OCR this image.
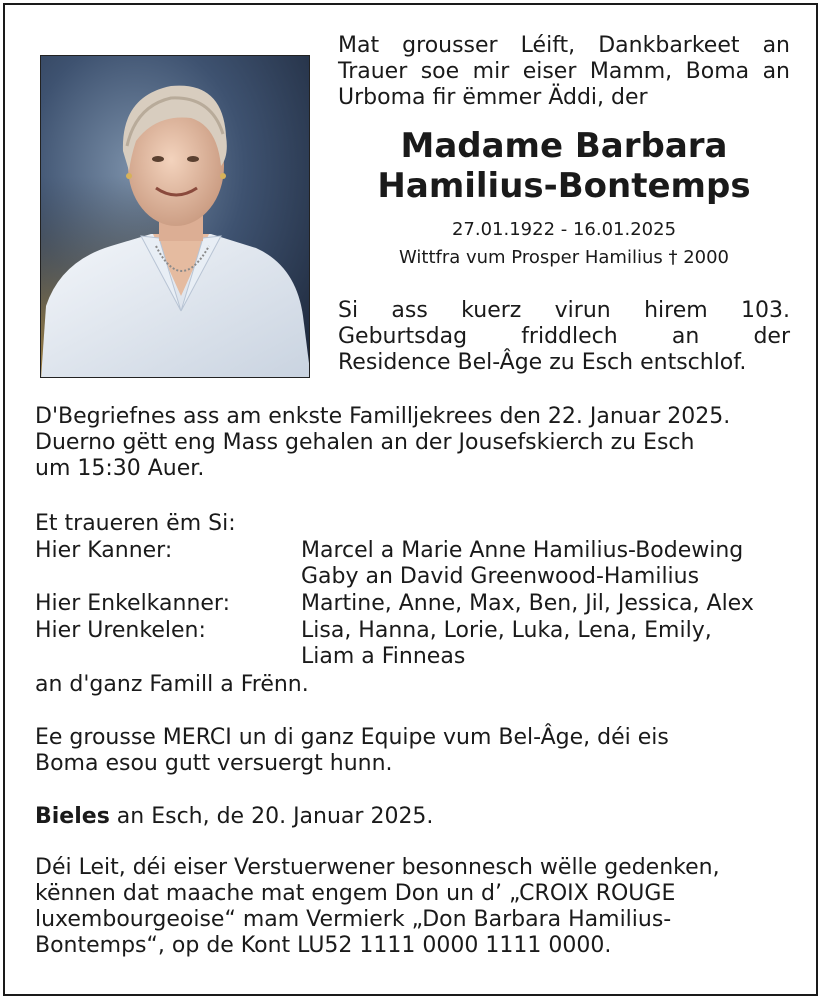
Mat grousser Léift, Dankbarkeet an
Trauer soe mir eiser Mamm, Boma an
Urboma fir ëmmer Äddi, der
Madame Barbara
Hamilius-Bontemps
27.01.1922 - 16.01.2025
Wittfra vum Prosper Hamilius † 2000
Si ass kuerz virun hirem 103.
Geburtsdag friddlech an der
Residence Bel-Âge zu Esch entschlof.
D'Begriefnes ass am enkste Familljekrees den 22. Januar 2025.
Duerno gëtt eng Mass gehalen an der Jousefskierch zu Esch
um 15:30 Auer.
Et traueren ëm Si:
Hier Kanner:	Marcel a Marie Anne Hamilius-Bodewing
Gaby an David Greenwood-Hamilius
Hier Enkelkanner:	Martine, Anne, Max, Ben, Jil, Jessica, Alex
Hier Urenkelen:	Lisa, Hanna, Lorie, Luka, Lena, Emily,
Liam a Finneas
an d'ganz Famill a Frënn.
Ee grousse MERCI un di ganz Equipe vum Bel-Âge, déi eis
Boma esou gutt versuergt hunn.
Bieles an Esch, de 20. Januar 2025.
Déi Leit, déi eiser Verstuerwener besonnesch wëlle gedenken,
kënnen dat maache mat engem Don un d’ „CROIX ROUGE
luxembourgeoise“ mam Vermierk „Don Barbara Hamilius-
Bontemps“, op de Kont LU52 1111 0000 1111 0000.
